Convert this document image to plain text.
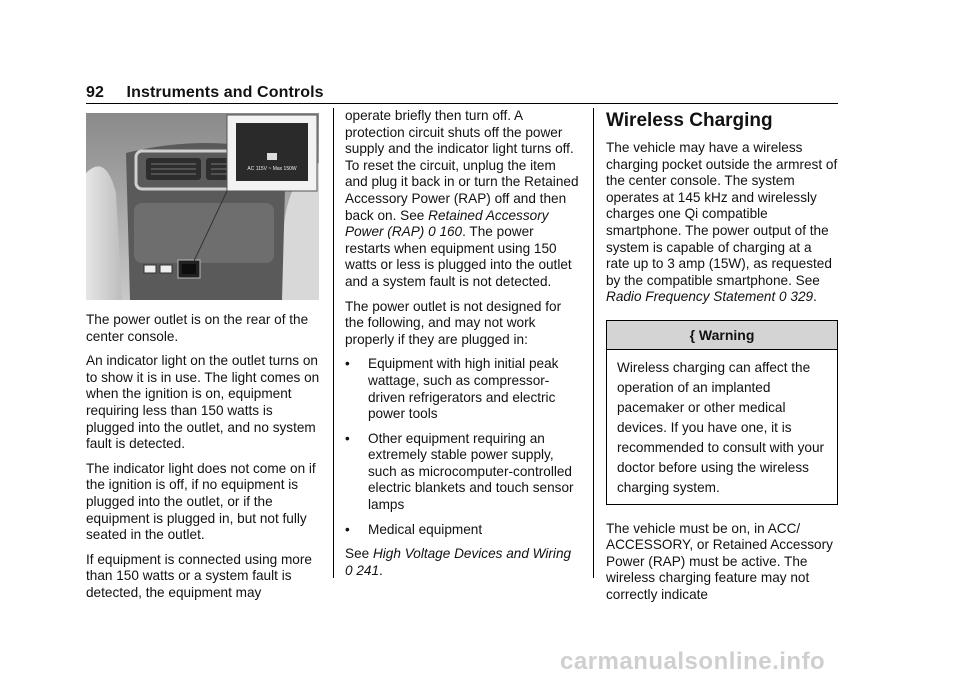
92 Instruments and Controls
AC 115V ~ Max 150W

The power outlet is on the rear of the center console.

An indicator light on the outlet turns on to show it is in use. The light comes on when the ignition is on, equipment requiring less than 150 watts is plugged into the outlet, and no system fault is detected.

The indicator light does not come on if the ignition is off, if no equipment is plugged into the outlet, or if the equipment is plugged in, but not fully seated in the outlet.

If equipment is connected using more than 150 watts or a system fault is detected, the equipment may

operate briefly then turn off. A protection circuit shuts off the power supply and the indicator light turns off. To reset the circuit, unplug the item and plug it back in or turn the Retained Accessory Power (RAP) off and then back on. See Retained Accessory Power (RAP) 0 160. The power restarts when equipment using 150 watts or less is plugged into the outlet and a system fault is not detected.

The power outlet is not designed for the following, and may not work properly if they are plugged in:

•	Equipment with high initial peak wattage, such as compressor-driven refrigerators and electric power tools
•	Other equipment requiring an extremely stable power supply, such as microcomputer-controlled electric blankets and touch sensor lamps
•	Medical equipment

See High Voltage Devices and Wiring 0 241.

Wireless Charging

The vehicle may have a wireless charging pocket outside the armrest of the center console. The system operates at 145 kHz and wirelessly charges one Qi compatible smartphone. The power output of the system is capable of charging at a rate up to 3 amp (15W), as requested by the compatible smartphone. See Radio Frequency Statement 0 329.

{ Warning
Wireless charging can affect the operation of an implanted pacemaker or other medical devices. If you have one, it is recommended to consult with your doctor before using the wireless charging system.

The vehicle must be on, in ACC/ ACCESSORY, or Retained Accessory Power (RAP) must be active. The wireless charging feature may not correctly indicate

carmanualsonline.info
